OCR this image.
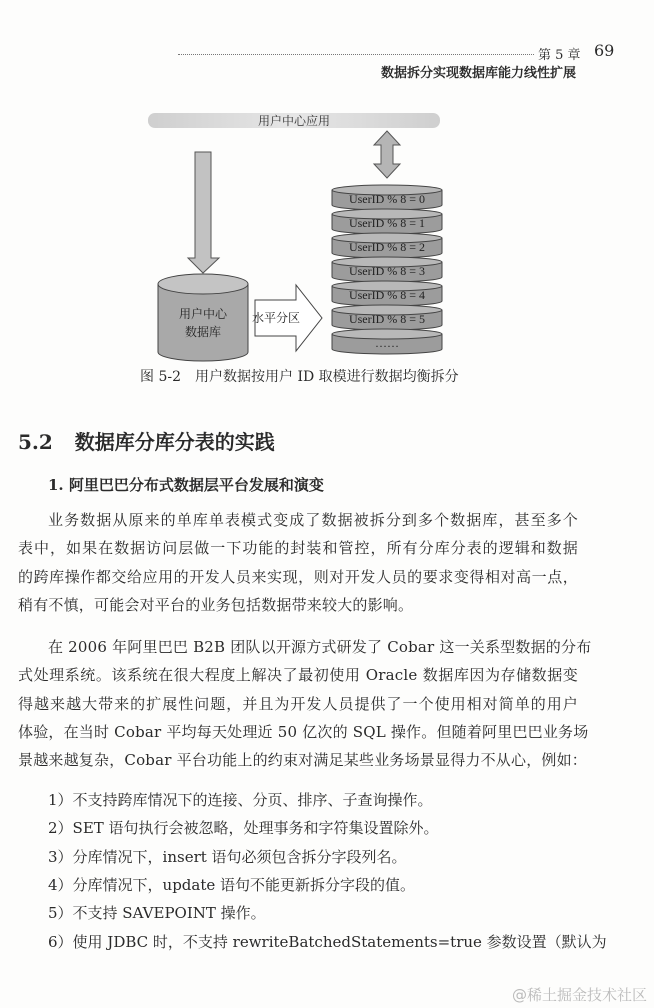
第 5 章 69
数据拆分实现数据库能力线性扩展
用户中心应用
用户中心
数据库
水平分区
UserID % 8 = 0
UserID % 8 = 1
UserID % 8 = 2
UserID % 8 = 3
UserID % 8 = 4
UserID % 8 = 5
……
图 5-2 用户数据按用户 ID 取模进行数据均衡拆分
5.2 数据库分库分表的实践
1. 阿里巴巴分布式数据层平台发展和演变
业务数据从原来的单库单表模式变成了数据被拆分到多个数据库，甚至多个
表中，如果在数据访问层做一下功能的封装和管控，所有分库分表的逻辑和数据
的跨库操作都交给应用的开发人员来实现，则对开发人员的要求变得相对高一点，
稍有不慎，可能会对平台的业务包括数据带来较大的影响。
在 2006 年阿里巴巴 B2B 团队以开源方式研发了 Cobar 这一关系型数据的分布
式处理系统。该系统在很大程度上解决了最初使用 Oracle 数据库因为存储数据变
得越来越大带来的扩展性问题，并且为开发人员提供了一个使用相对简单的用户
体验，在当时 Cobar 平均每天处理近 50 亿次的 SQL 操作。但随着阿里巴巴业务场
景越来越复杂，Cobar 平台功能上的约束对满足某些业务场景显得力不从心，例如：
1）不支持跨库情况下的连接、分页、排序、子查询操作。
2）SET 语句执行会被忽略，处理事务和字符集设置除外。
3）分库情况下，insert 语句必须包含拆分字段列名。
4）分库情况下，update 语句不能更新拆分字段的值。
5）不支持 SAVEPOINT 操作。
6）使用 JDBC 时，不支持 rewriteBatchedStatements=true 参数设置（默认为
@稀土掘金技术社区
